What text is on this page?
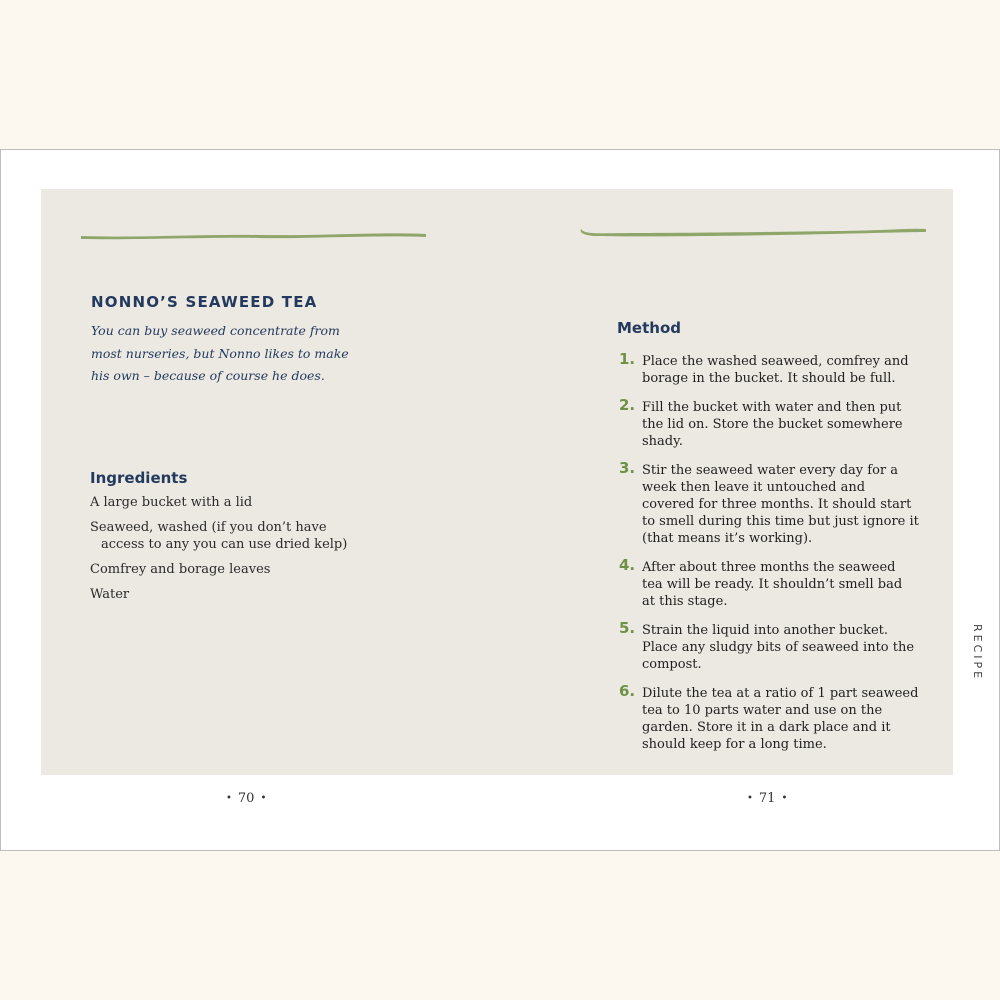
NONNO’S SEAWEED TEA

You can buy seaweed concentrate from most nurseries, but Nonno likes to make his own – because of course he does.

Ingredients
A large bucket with a lid
Seaweed, washed (if you don’t have access to any you can use dried kelp)
Comfrey and borage leaves
Water
Method
1. Place the washed seaweed, comfrey and borage in the bucket. It should be full.
2. Fill the bucket with water and then put the lid on. Store the bucket somewhere shady.
3. Stir the seaweed water every day for a week then leave it untouched and covered for three months. It should start to smell during this time but just ignore it (that means it’s working).
4. After about three months the seaweed tea will be ready. It shouldn’t smell bad at this stage.
5. Strain the liquid into another bucket. Place any sludgy bits of seaweed into the compost.
6. Dilute the tea at a ratio of 1 part seaweed tea to 10 parts water and use on the garden. Store it in a dark place and it should keep for a long time.
RECIPE
• 70 •	• 71 •
